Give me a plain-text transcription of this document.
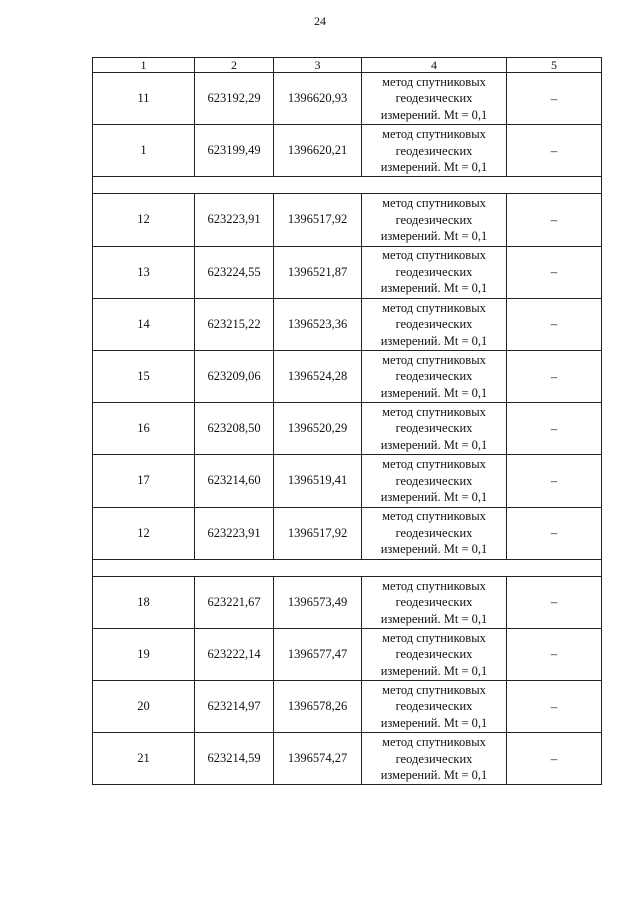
24
1	2	3	4	5
11	623192,29	1396620,93	метод спутниковых
геодезических
измерений. Mt = 0,1	–
1	623199,49	1396620,21	метод спутниковых
геодезических
измерений. Mt = 0,1	–

12	623223,91	1396517,92	метод спутниковых
геодезических
измерений. Mt = 0,1	–
13	623224,55	1396521,87	метод спутниковых
геодезических
измерений. Mt = 0,1	–
14	623215,22	1396523,36	метод спутниковых
геодезических
измерений. Mt = 0,1	–
15	623209,06	1396524,28	метод спутниковых
геодезических
измерений. Mt = 0,1	–
16	623208,50	1396520,29	метод спутниковых
геодезических
измерений. Mt = 0,1	–
17	623214,60	1396519,41	метод спутниковых
геодезических
измерений. Mt = 0,1	–
12	623223,91	1396517,92	метод спутниковых
геодезических
измерений. Mt = 0,1	–

18	623221,67	1396573,49	метод спутниковых
геодезических
измерений. Mt = 0,1	–
19	623222,14	1396577,47	метод спутниковых
геодезических
измерений. Mt = 0,1	–
20	623214,97	1396578,26	метод спутниковых
геодезических
измерений. Mt = 0,1	–
21	623214,59	1396574,27	метод спутниковых
геодезических
измерений. Mt = 0,1	–
